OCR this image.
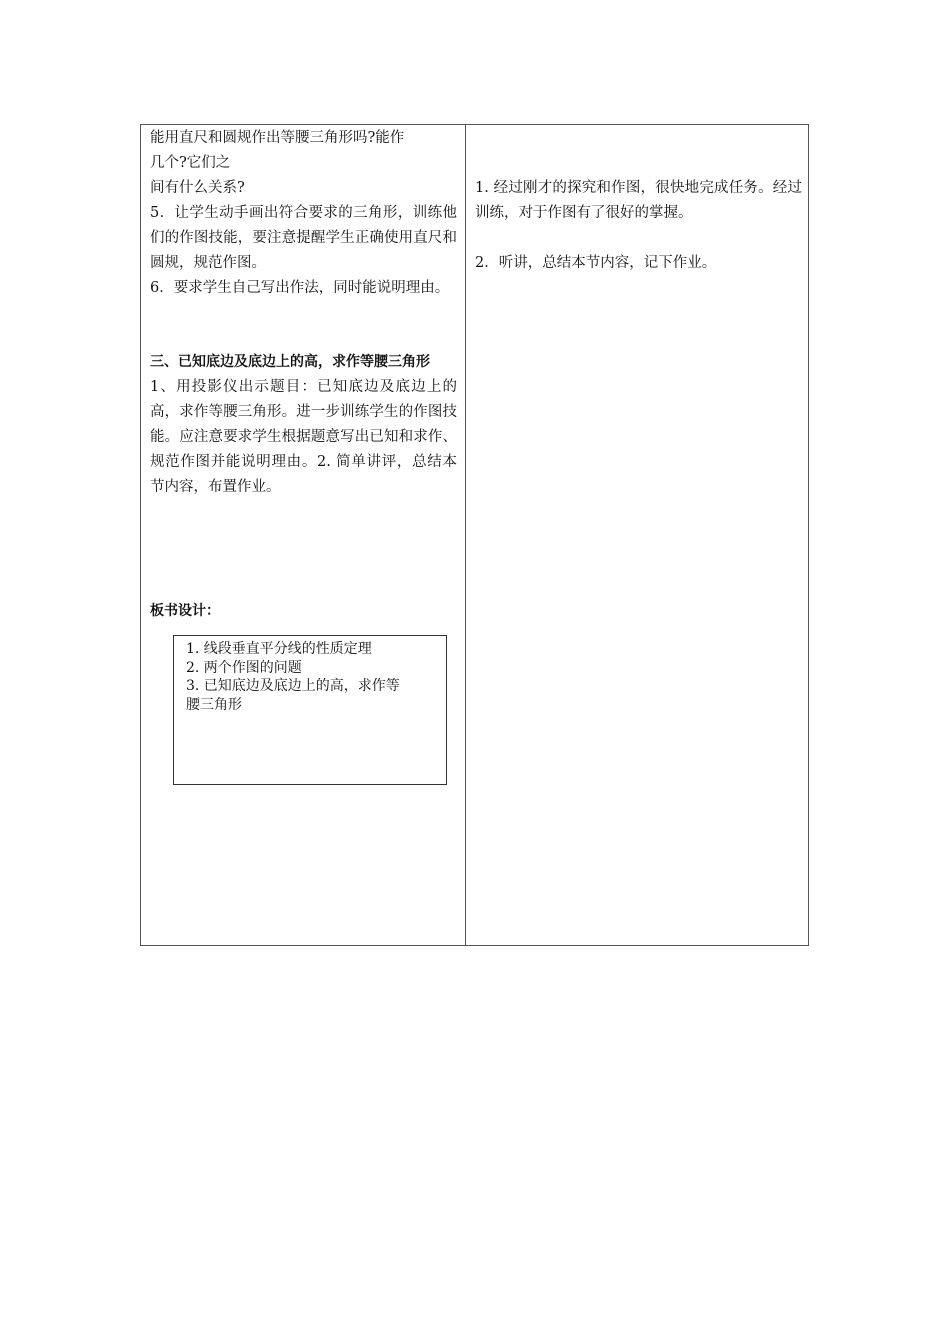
能用直尺和圆规作出等腰三角形吗?能作

几个?它们之

间有什么关系?

5．让学生动手画出符合要求的三角形，训练他们的作图技能，要注意提醒学生正确使用直尺和圆规，规范作图。

6．要求学生自己写出作法，同时能说明理由。

三、已知底边及底边上的高，求作等腰三角形

1、用投影仪出示题目：已知底边及底边上的高，求作等腰三角形。进一步训练学生的作图技能。应注意要求学生根据题意写出已知和求作、规范作图并能说明理由。2. 简单讲评，总结本节内容，布置作业。

板书设计：

1. 线段垂直平分线的性质定理

2. 两个作图的问题

3. 已知底边及底边上的高，求作等

腰三角形

1. 经过刚才的探究和作图，很快地完成任务。经过训练，对于作图有了很好的掌握。

2．听讲，总结本节内容，记下作业。
